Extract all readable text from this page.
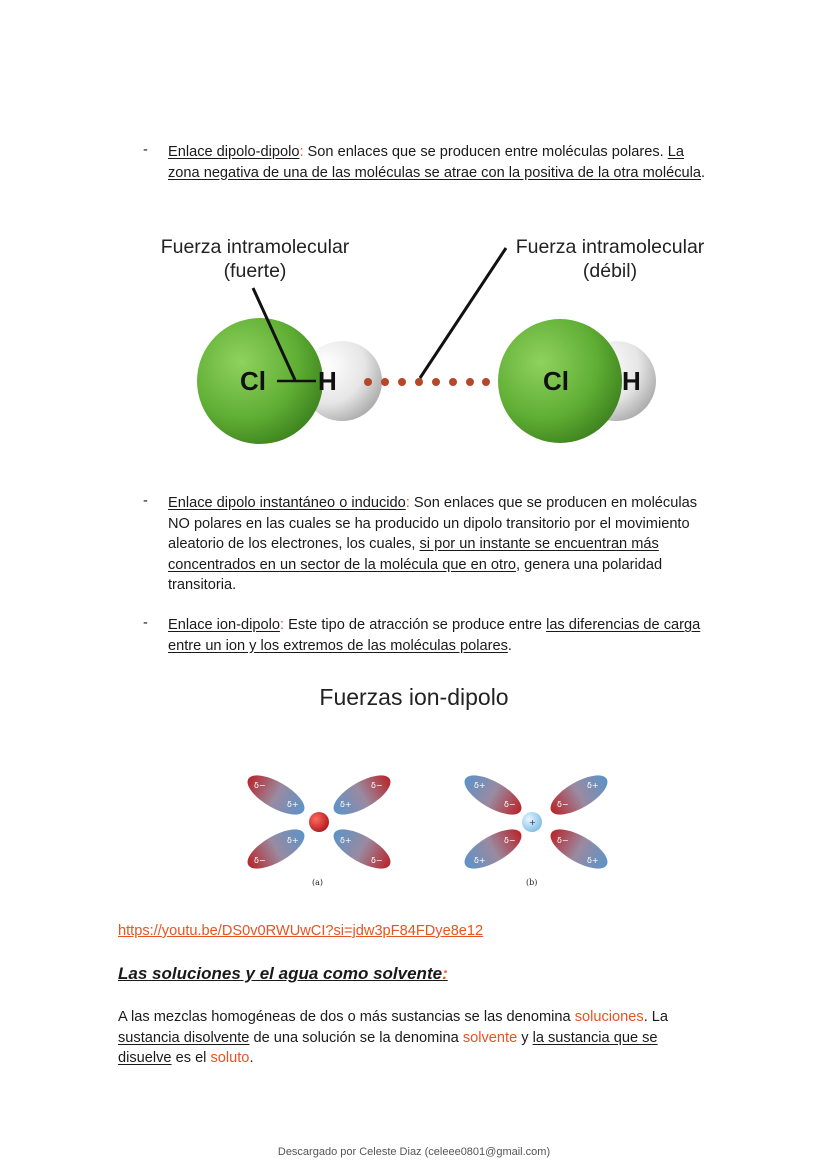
- Enlace dipolo-dipolo: Son enlaces que se producen entre moléculas polares. La zona negativa de una de las moléculas se atrae con la positiva de la otra molécula.
Fuerza intramolecular
(fuerte)
Fuerza intramolecular
(débil)
Cl H	Cl H
- Enlace dipolo instantáneo o inducido: Son enlaces que se producen en moléculas NO polares en las cuales se ha producido un dipolo transitorio por el movimiento aleatorio de los electrones, los cuales, si por un instante se encuentran más concentrados en un sector de la molécula que en otro, genera una polaridad transitoria.
- Enlace ion-dipolo: Este tipo de atracción se produce entre las diferencias de carga entre un ion y los extremos de las moléculas polares.
Fuerzas ion-dipolo
δ−
δ+	δ+
δ−
δ−
δ+	δ+
δ−
δ+
δ−	δ−
δ+
δ+
δ−	δ−
δ+
+
(a)	(b)
https://youtu.be/DS0v0RWUwCI?si=jdw3pF84FDye8e12
Las soluciones y el agua como solvente:
A las mezclas homogéneas de dos o más sustancias se las denomina soluciones. La sustancia disolvente de una solución se la denomina solvente y la sustancia que se disuelve es el soluto.
Descargado por Celeste Diaz (celeee0801@gmail.com)
